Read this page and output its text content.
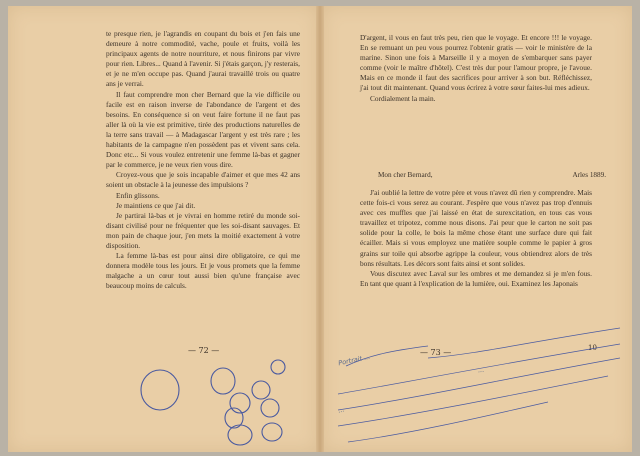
te presque rien, je l'agrandis en coupant du bois et j'en fais une demeure à notre commodité, vache, poule et fruits, voilà les principaux agents de notre nourriture, et nous finirons par vivre pour rien. Libres... Quand à l'avenir. Si j'étais garçon, j'y resterais, et je ne m'en occupe pas. Quand j'aurai travaillé trois ou quatre ans je verrai.

Il faut comprendre mon cher Bernard que la vie difficile ou facile est en raison inverse de l'abondance de l'argent et des besoins. En conséquence si on veut faire fortune il ne faut pas aller là où la vie est primitive, tirée des productions naturelles de la terre sans travail — à Madagascar l'argent y est très rare ; les habitants de la campagne n'en possèdent pas et vivent sans cela. Donc etc... Si vous voulez entretenir une femme là-bas et gagner par le commerce, je ne veux rien vous dire.

Croyez-vous que je sois incapable d'aimer et que mes 42 ans soient un obstacle à la jeunesse des impulsions ?

Enfin glissons.

Je maintiens ce que j'ai dit.

Je partirai là-bas et je vivrai en homme retiré du monde soi-disant civilisé pour ne fréquenter que les soi-disant sauvages. Et mon pain de chaque jour, j'en mets la moitié exactement à votre disposition.

La femme là-bas est pour ainsi dire obligatoire, ce qui me donnera modèle tous les jours. Et je vous promets que la femme malgache a un cœur tout aussi bien qu'une française avec beaucoup moins de calculs.

— 72 —

D'argent, il vous en faut très peu, rien que le voyage. Et encore !!! le voyage. En se remuant un peu vous pourrez l'obtenir gratis — voir le ministère de la marine. Sinon une fois à Marseille il y a moyen de s'embarquer sans payer comme (voir le maître d'hôtel). C'est très dur pour l'amour propre, je l'avoue. Mais en ce monde il faut des sacrifices pour arriver à son but. Réfléchissez, j'ai tout dit maintenant. Quand vous écrirez à votre sœur faites-lui mes adieux.

Cordialement la main.

Mon cher Bernard,	Arles 1889.

J'ai oublié la lettre de votre père et vous n'avez dû rien y comprendre. Mais cette fois-ci vous serez au courant. J'espère que vous n'avez pas trop d'ennuis avec ces muffles que j'ai laissé en état de surexcitation, en tous cas vous travaillez et tripotez, comme nous disons. J'ai peur que le carton ne soit pas solide pour la colle, le bois la même chose étant une surface dure qui fait écailler. Mais si vous employez une matière souple comme le papier à gros grains sur toile qui absorbe agrippe la couleur, vous obtiendrez alors de très bons résultats. Les décors sont faits ainsi et sont solides.

Vous discutez avec Laval sur les ombres et me demandez si je m'en fous. En tant que quant à l'explication de la lumière, oui. Examinez les Japonais

— 73 —	10
Portrait ...
...
...
